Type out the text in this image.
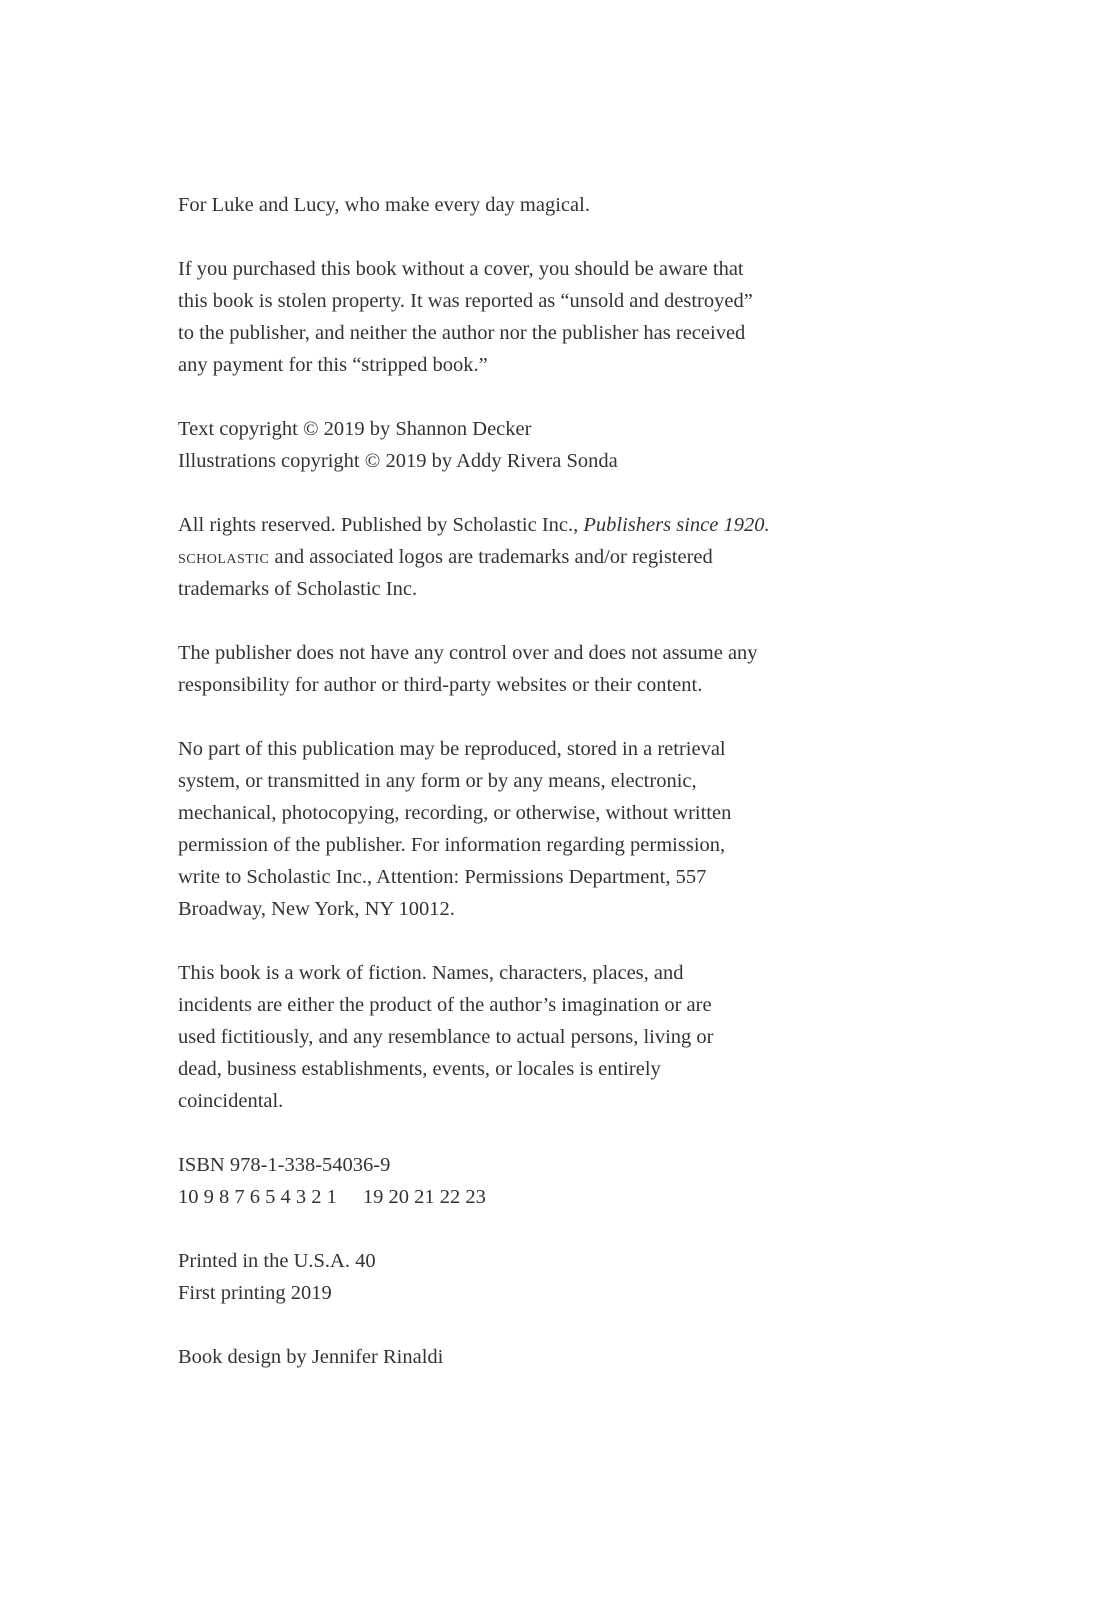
For Luke and Lucy, who make every day magical.

If you purchased this book without a cover, you should be aware that
this book is stolen property. It was reported as “unsold and destroyed”
to the publisher, and neither the author nor the publisher has received
any payment for this “stripped book.”

Text copyright © 2019 by Shannon Decker
Illustrations copyright © 2019 by Addy Rivera Sonda

All rights reserved. Published by Scholastic Inc., Publishers since 1920.
scholastic and associated logos are trademarks and/or registered
trademarks of Scholastic Inc.

The publisher does not have any control over and does not assume any
responsibility for author or third-party websites or their content.

No part of this publication may be reproduced, stored in a retrieval
system, or transmitted in any form or by any means, electronic,
mechanical, photocopying, recording, or otherwise, without written
permission of the publisher. For information regarding permission,
write to Scholastic Inc., Attention: Permissions Department, 557
Broadway, New York, NY 10012.

This book is a work of fiction. Names, characters, places, and
incidents are either the product of the author’s imagination or are
used fictitiously, and any resemblance to actual persons, living or
dead, business establishments, events, or locales is entirely
coincidental.

ISBN 978-1-338-54036-9
10 9 8 7 6 5 4 3 2 1 19 20 21 22 23

Printed in the U.S.A. 40
First printing 2019

Book design by Jennifer Rinaldi
